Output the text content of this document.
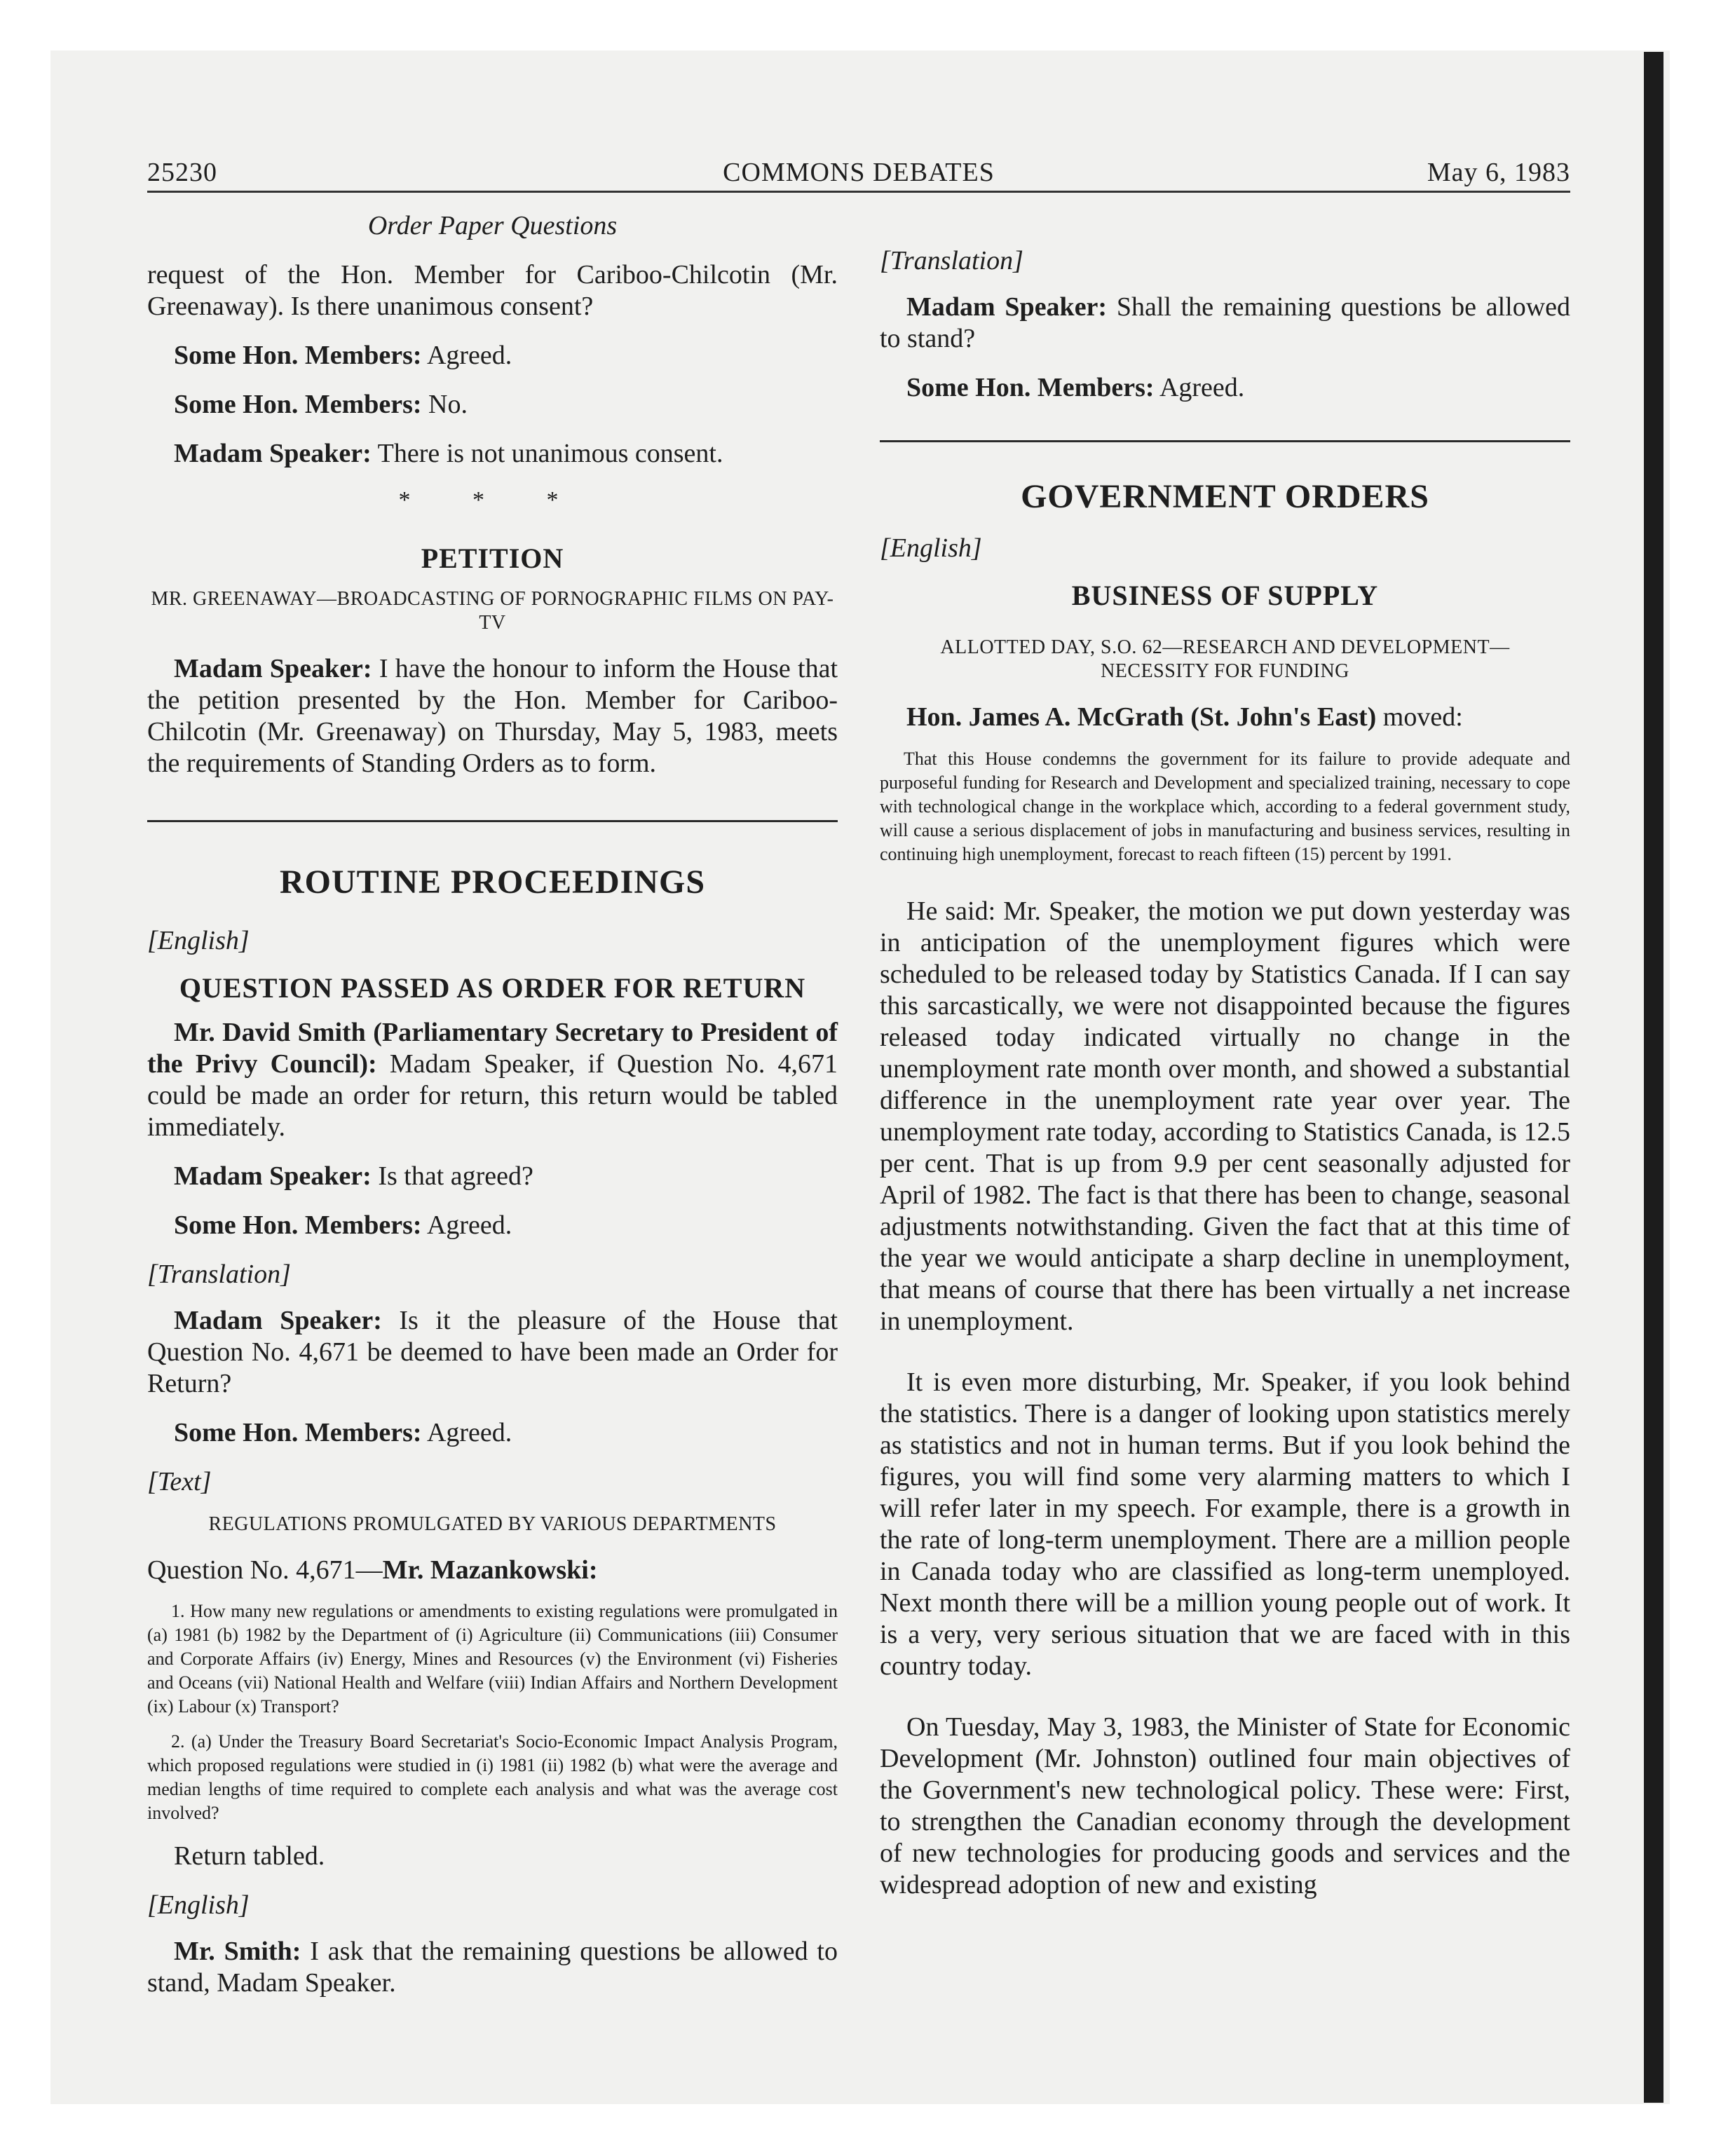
25230	COMMONS DEBATES	May 6, 1983
Order Paper Questions

request of the Hon. Member for Cariboo-Chilcotin (Mr. Greenaway). Is there unanimous consent?

Some Hon. Members: Agreed.

Some Hon. Members: No.

Madam Speaker: There is not unanimous consent.

* * *
PETITION
MR. GREENAWAY—BROADCASTING OF PORNOGRAPHIC FILMS ON PAY-TV

Madam Speaker: I have the honour to inform the House that the petition presented by the Hon. Member for Cariboo-Chilcotin (Mr. Greenaway) on Thursday, May 5, 1983, meets the requirements of Standing Orders as to form.

ROUTINE PROCEEDINGS
[English]
QUESTION PASSED AS ORDER FOR RETURN

Mr. David Smith (Parliamentary Secretary to President of the Privy Council): Madam Speaker, if Question No. 4,671 could be made an order for return, this return would be tabled immediately.

Madam Speaker: Is that agreed?

Some Hon. Members: Agreed.

[Translation]

Madam Speaker: Is it the pleasure of the House that Question No. 4,671 be deemed to have been made an Order for Return?

Some Hon. Members: Agreed.

[Text]
REGULATIONS PROMULGATED BY VARIOUS DEPARTMENTS
Question No. 4,671—Mr. Mazankowski:

1. How many new regulations or amendments to existing regulations were promulgated in (a) 1981 (b) 1982 by the Department of (i) Agriculture (ii) Communications (iii) Consumer and Corporate Affairs (iv) Energy, Mines and Resources (v) the Environment (vi) Fisheries and Oceans (vii) National Health and Welfare (viii) Indian Affairs and Northern Development (ix) Labour (x) Transport?

2. (a) Under the Treasury Board Secretariat's Socio-Economic Impact Analysis Program, which proposed regulations were studied in (i) 1981 (ii) 1982 (b) what were the average and median lengths of time required to complete each analysis and what was the average cost involved?

Return tabled.

[English]

Mr. Smith: I ask that the remaining questions be allowed to stand, Madam Speaker.

[Translation]

Madam Speaker: Shall the remaining questions be allowed to stand?

Some Hon. Members: Agreed.

GOVERNMENT ORDERS
[English]
BUSINESS OF SUPPLY
ALLOTTED DAY, S.O. 62—RESEARCH AND DEVELOPMENT—NECESSITY FOR FUNDING

Hon. James A. McGrath (St. John's East) moved:

That this House condemns the government for its failure to provide adequate and purposeful funding for Research and Development and specialized training, necessary to cope with technological change in the workplace which, according to a federal government study, will cause a serious displacement of jobs in manufacturing and business services, resulting in continuing high unemployment, forecast to reach fifteen (15) percent by 1991.

He said: Mr. Speaker, the motion we put down yesterday was in anticipation of the unemployment figures which were scheduled to be released today by Statistics Canada. If I can say this sarcastically, we were not disappointed because the figures released today indicated virtually no change in the unemployment rate month over month, and showed a substantial difference in the unemployment rate year over year. The unemployment rate today, according to Statistics Canada, is 12.5 per cent. That is up from 9.9 per cent seasonally adjusted for April of 1982. The fact is that there has been to change, seasonal adjustments notwithstanding. Given the fact that at this time of the year we would anticipate a sharp decline in unemployment, that means of course that there has been virtually a net increase in unemployment.

It is even more disturbing, Mr. Speaker, if you look behind the statistics. There is a danger of looking upon statistics merely as statistics and not in human terms. But if you look behind the figures, you will find some very alarming matters to which I will refer later in my speech. For example, there is a growth in the rate of long-term unemployment. There are a million people in Canada today who are classified as long-term unemployed. Next month there will be a million young people out of work. It is a very, very serious situation that we are faced with in this country today.

On Tuesday, May 3, 1983, the Minister of State for Economic Development (Mr. Johnston) outlined four main objectives of the Government's new technological policy. These were: First, to strengthen the Canadian economy through the development of new technologies for producing goods and services and the widespread adoption of new and existing
